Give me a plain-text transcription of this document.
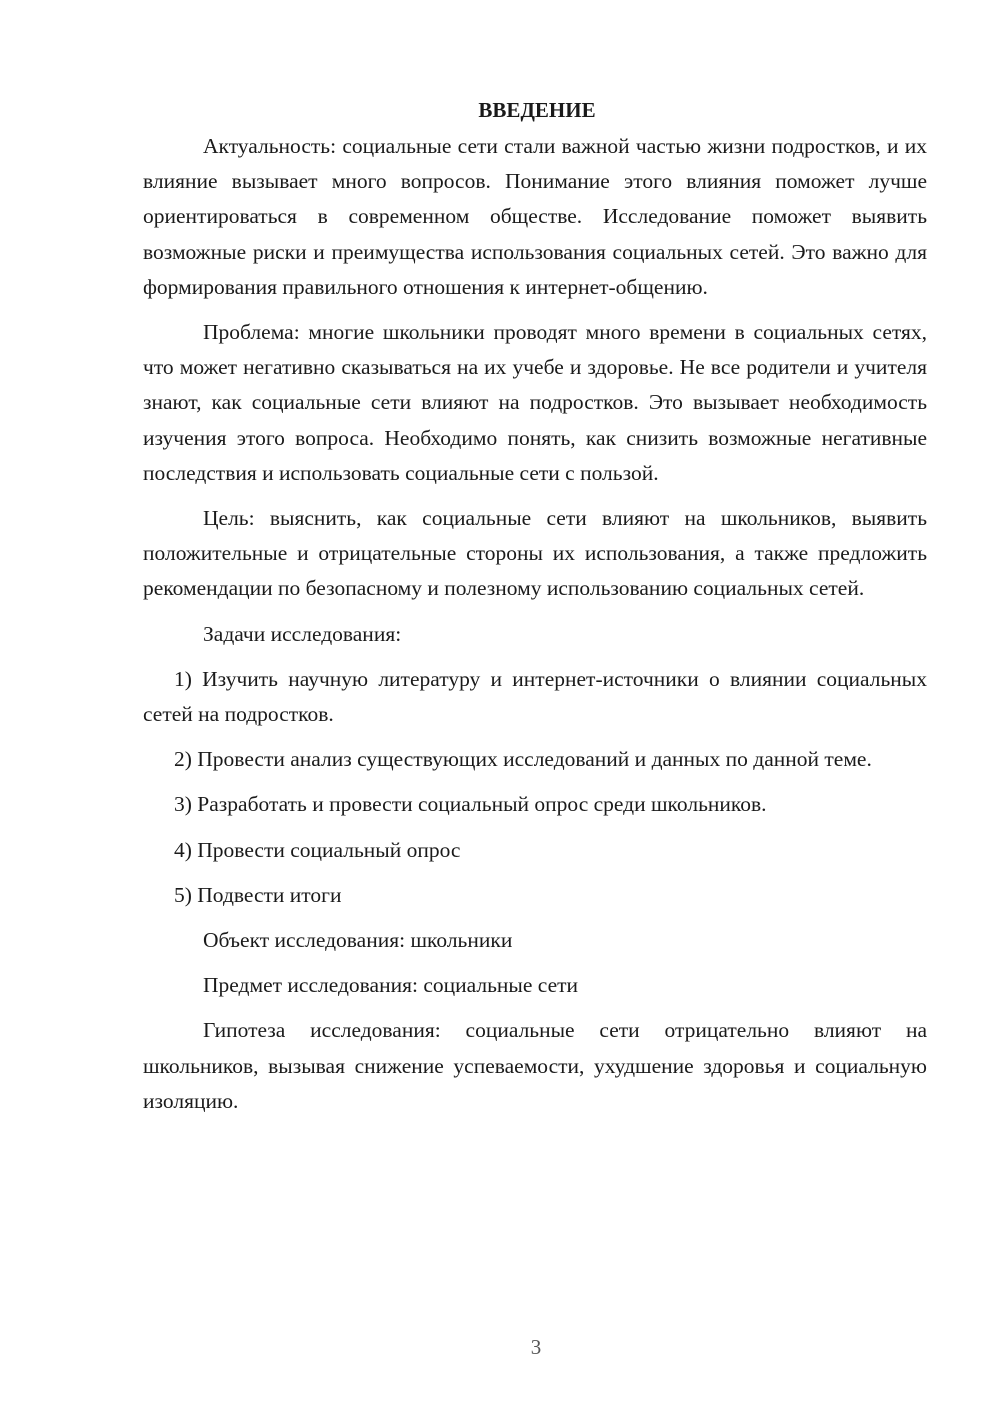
ВВЕДЕНИЕ

Актуальность: социальные сети стали важной частью жизни подростков, и их влияние вызывает много вопросов. Понимание этого влияния поможет лучше ориентироваться в современном обществе. Исследование поможет выявить возможные риски и преимущества использования социальных сетей. Это важно для формирования правильного отношения к интернет-общению.

Проблема: многие школьники проводят много времени в социальных сетях, что может негативно сказываться на их учебе и здоровье. Не все родители и учителя знают, как социальные сети влияют на подростков. Это вызывает необходимость изучения этого вопроса. Необходимо понять, как снизить возможные негативные последствия и использовать социальные сети с пользой.

Цель: выяснить, как социальные сети влияют на школьников, выявить положительные и отрицательные стороны их использования, а также предложить рекомендации по безопасному и полезному использованию социальных сетей.

Задачи исследования:

1) Изучить научную литературу и интернет-источники о влиянии социальных сетей на подростков.

2) Провести анализ существующих исследований и данных по данной теме.

3) Разработать и провести социальный опрос среди школьников.

4) Провести социальный опрос

5) Подвести итоги

Объект исследования: школьники

Предмет исследования: социальные сети

Гипотеза исследования: социальные сети отрицательно влияют на школьников, вызывая снижение успеваемости, ухудшение здоровья и социальную изоляцию.

3
